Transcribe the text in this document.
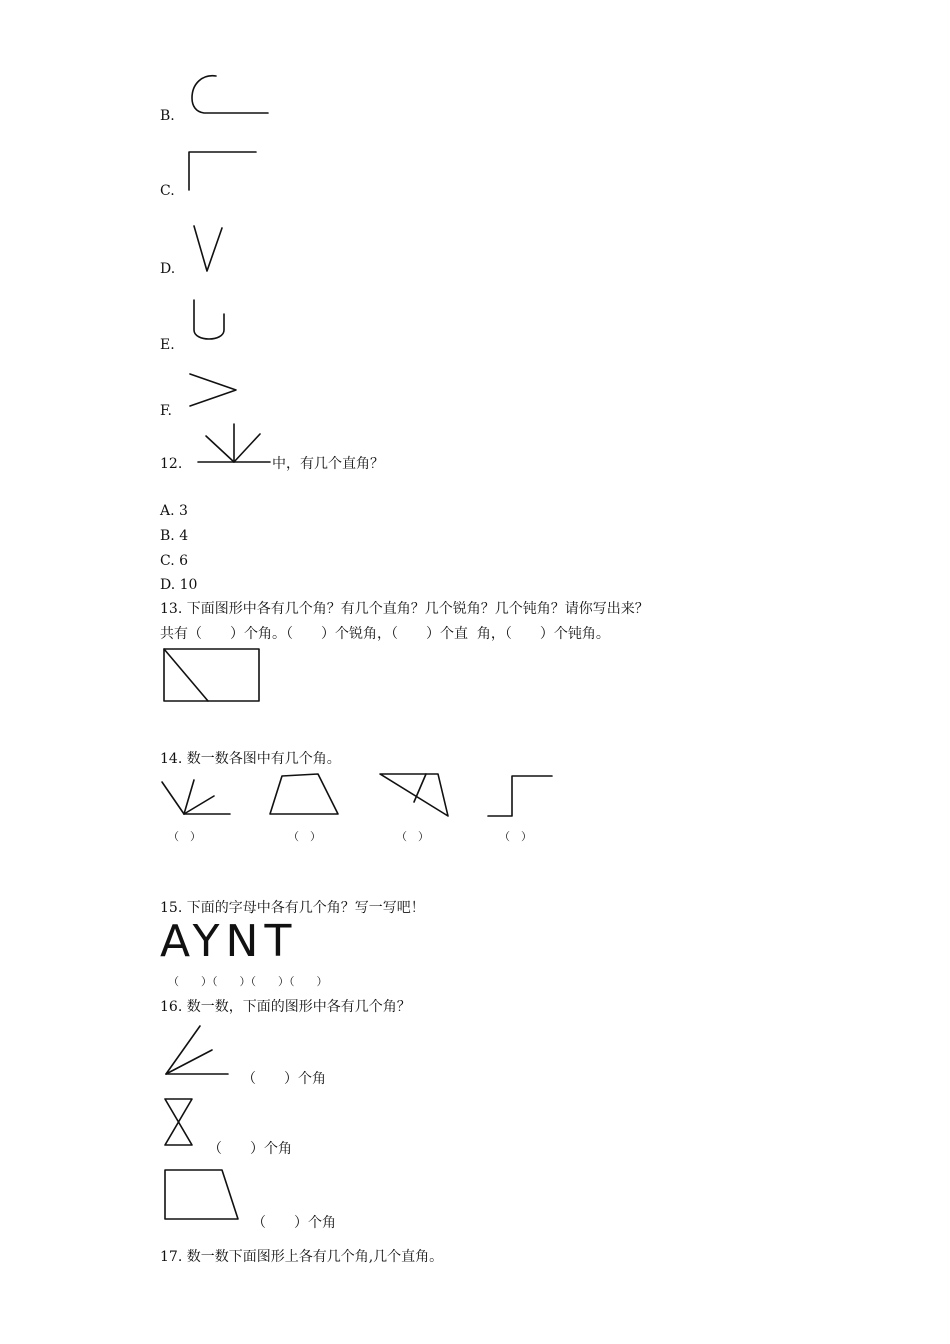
B.
C.
D.
E.
F.
12.	中，有几个直角？
A. 3
B. 4
C. 6
D. 10
13. 下面图形中各有几个角？有几个直角？几个锐角？几个钝角？请你写出来？
共有（　　）个角。（　　）个锐角，（　　）个直  角，（　　）个钝角。
14. 数一数各图中有几个角。
（　）	（　）	（　）	（　）
15. 下面的字母中各有几个角？写一写吧！
AYNT
（　　）（　　）（　　）（　　）
16. 数一数，下面的图形中各有几个角？
（　　）个角
（　　）个角
（　　）个角
17. 数一数下面图形上各有几个角,几个直角。
